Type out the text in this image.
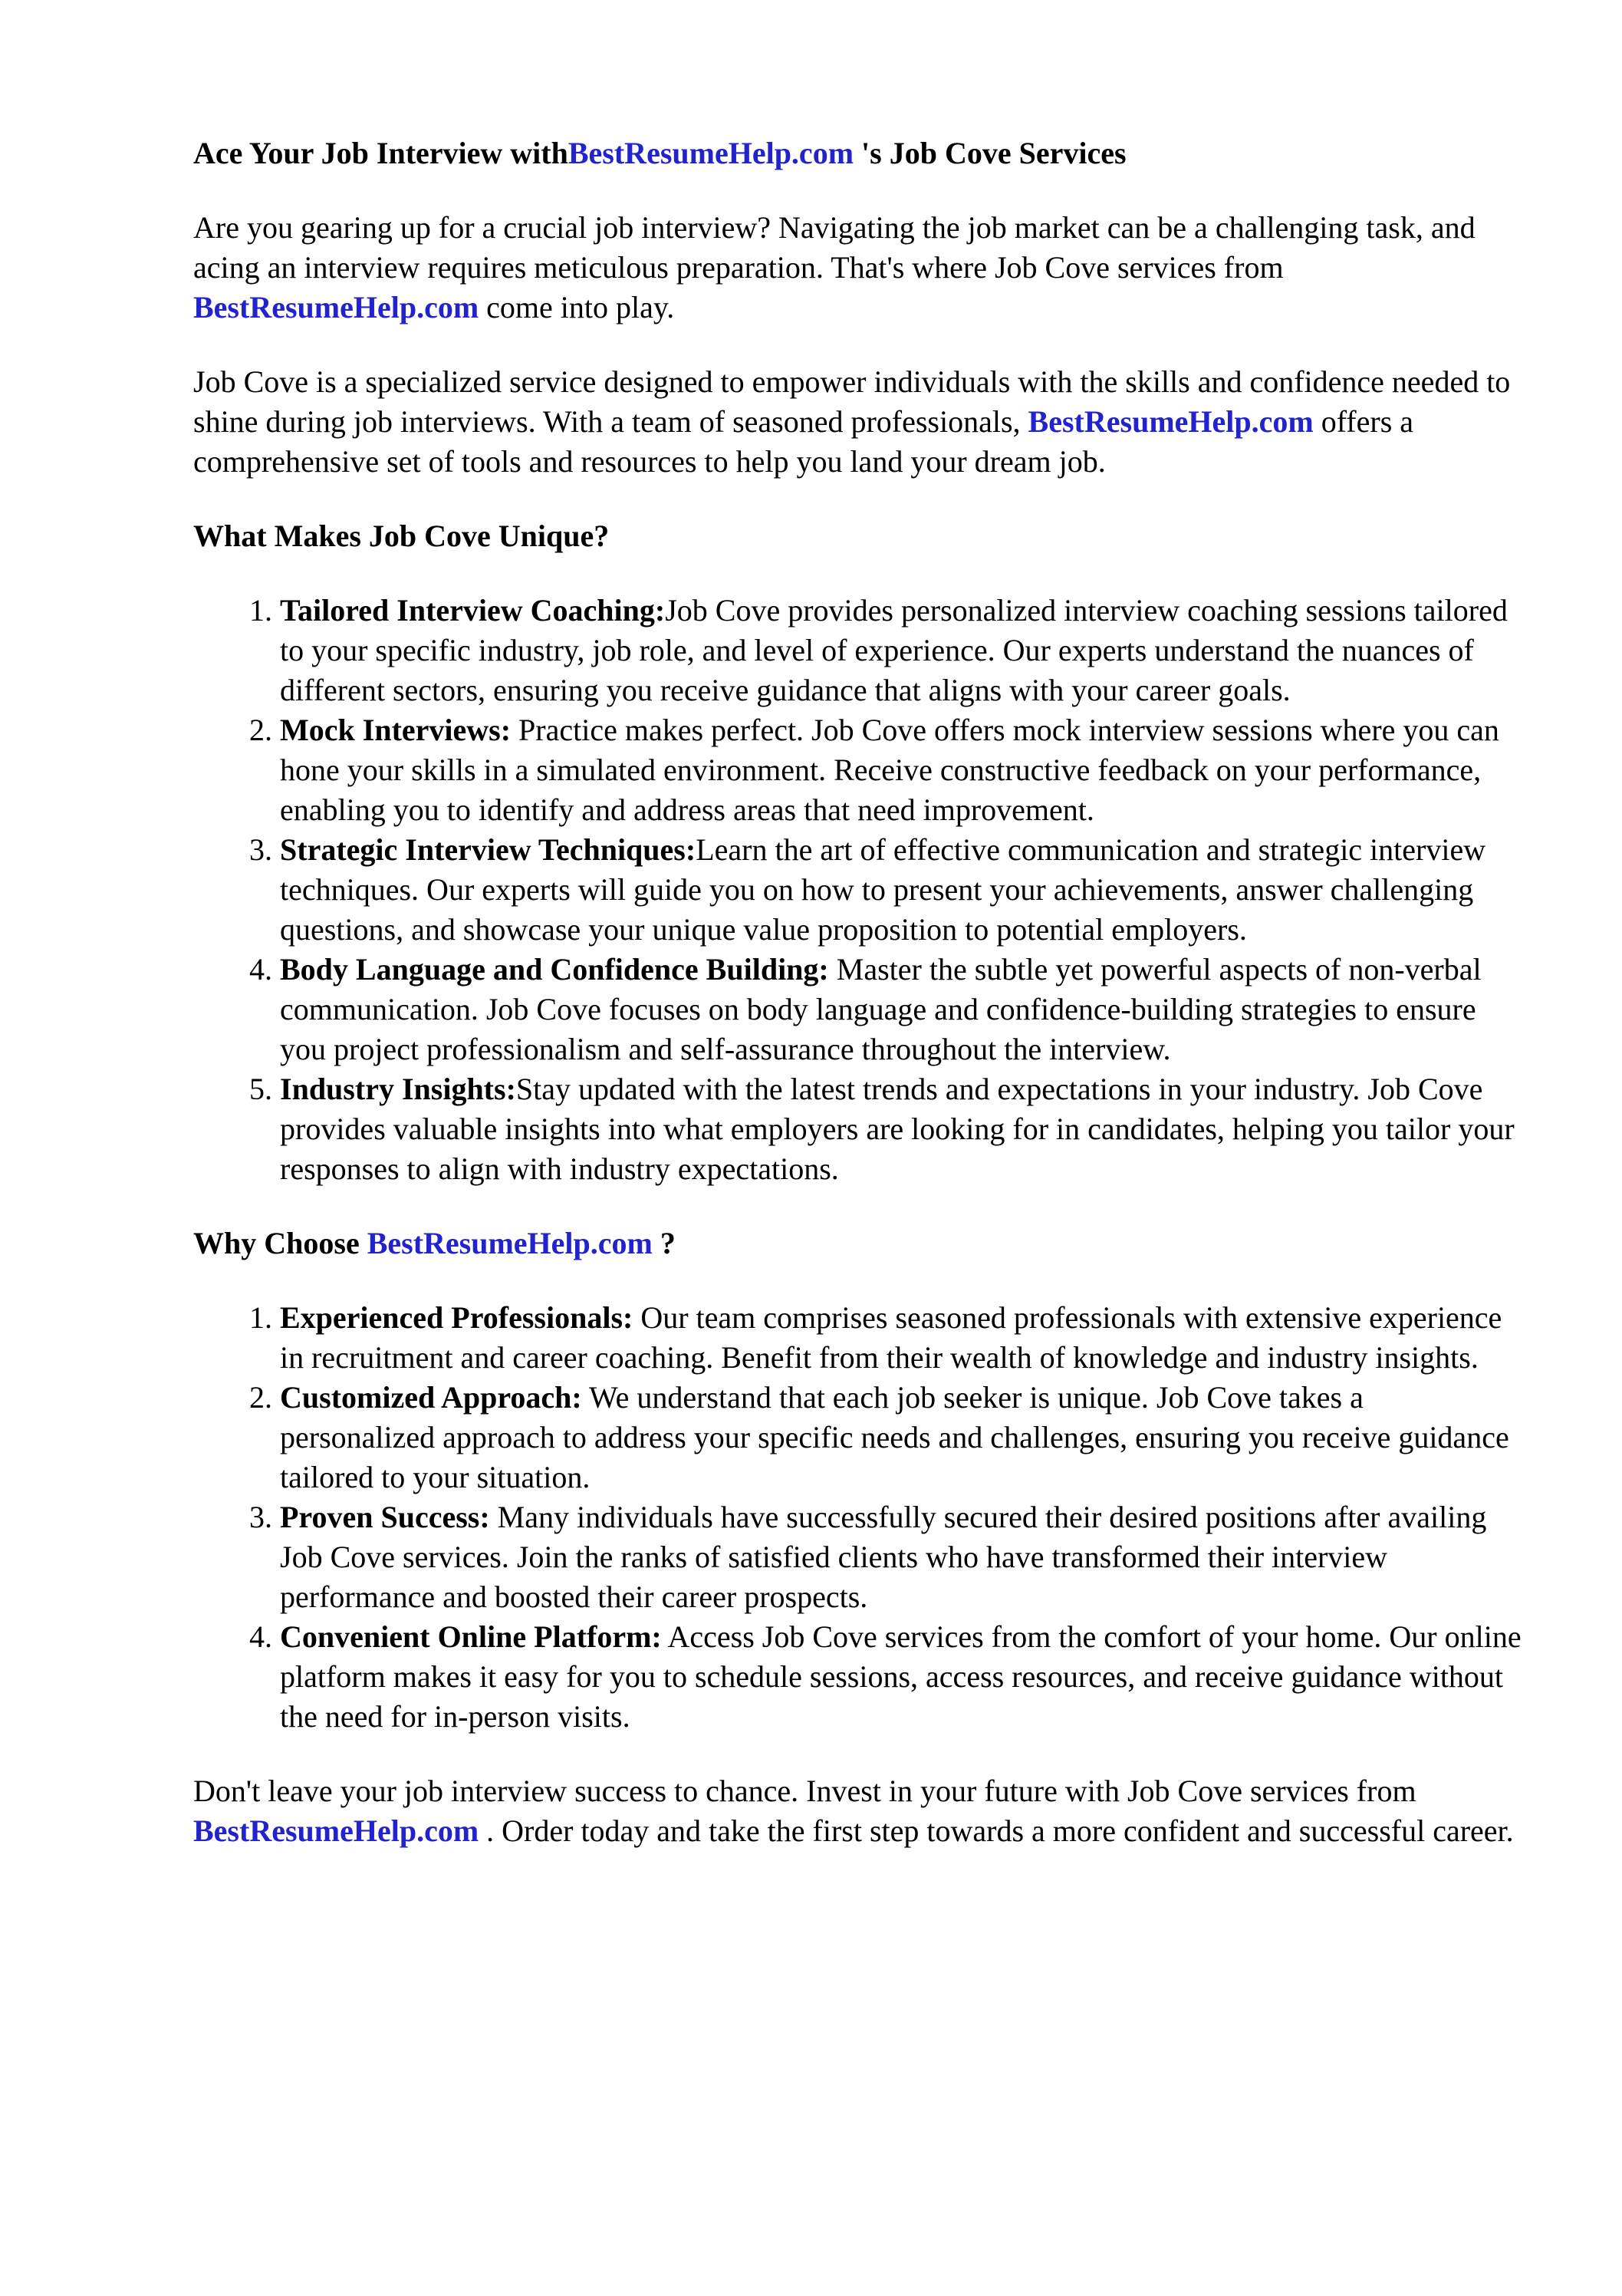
Ace Your Job Interview withBestResumeHelp.com 's Job Cove Services

Are you gearing up for a crucial job interview? Navigating the job market can be a challenging task, and acing an interview requires meticulous preparation. That's where Job Cove services from BestResumeHelp.com come into play.

Job Cove is a specialized service designed to empower individuals with the skills and confidence needed to shine during job interviews. With a team of seasoned professionals, BestResumeHelp.com offers a comprehensive set of tools and resources to help you land your dream job.

What Makes Job Cove Unique?
1. Tailored Interview Coaching:Job Cove provides personalized interview coaching sessions tailored to your specific industry, job role, and level of experience. Our experts understand the nuances of different sectors, ensuring you receive guidance that aligns with your career goals.
2. Mock Interviews: Practice makes perfect. Job Cove offers mock interview sessions where you can hone your skills in a simulated environment. Receive constructive feedback on your performance, enabling you to identify and address areas that need improvement.
3. Strategic Interview Techniques:Learn the art of effective communication and strategic interview techniques. Our experts will guide you on how to present your achievements, answer challenging questions, and showcase your unique value proposition to potential employers.
4. Body Language and Confidence Building: Master the subtle yet powerful aspects of non-verbal communication. Job Cove focuses on body language and confidence-building strategies to ensure you project professionalism and self-assurance throughout the interview.
5. Industry Insights:Stay updated with the latest trends and expectations in your industry. Job Cove provides valuable insights into what employers are looking for in candidates, helping you tailor your responses to align with industry expectations.
Why Choose BestResumeHelp.com ?
1. Experienced Professionals: Our team comprises seasoned professionals with extensive experience in recruitment and career coaching. Benefit from their wealth of knowledge and industry insights.
2. Customized Approach: We understand that each job seeker is unique. Job Cove takes a personalized approach to address your specific needs and challenges, ensuring you receive guidance tailored to your situation.
3. Proven Success: Many individuals have successfully secured their desired positions after availing Job Cove services. Join the ranks of satisfied clients who have transformed their interview performance and boosted their career prospects.
4. Convenient Online Platform: Access Job Cove services from the comfort of your home. Our online platform makes it easy for you to schedule sessions, access resources, and receive guidance without the need for in-person visits.

Don't leave your job interview success to chance. Invest in your future with Job Cove services from BestResumeHelp.com . Order today and take the first step towards a more confident and successful career.
